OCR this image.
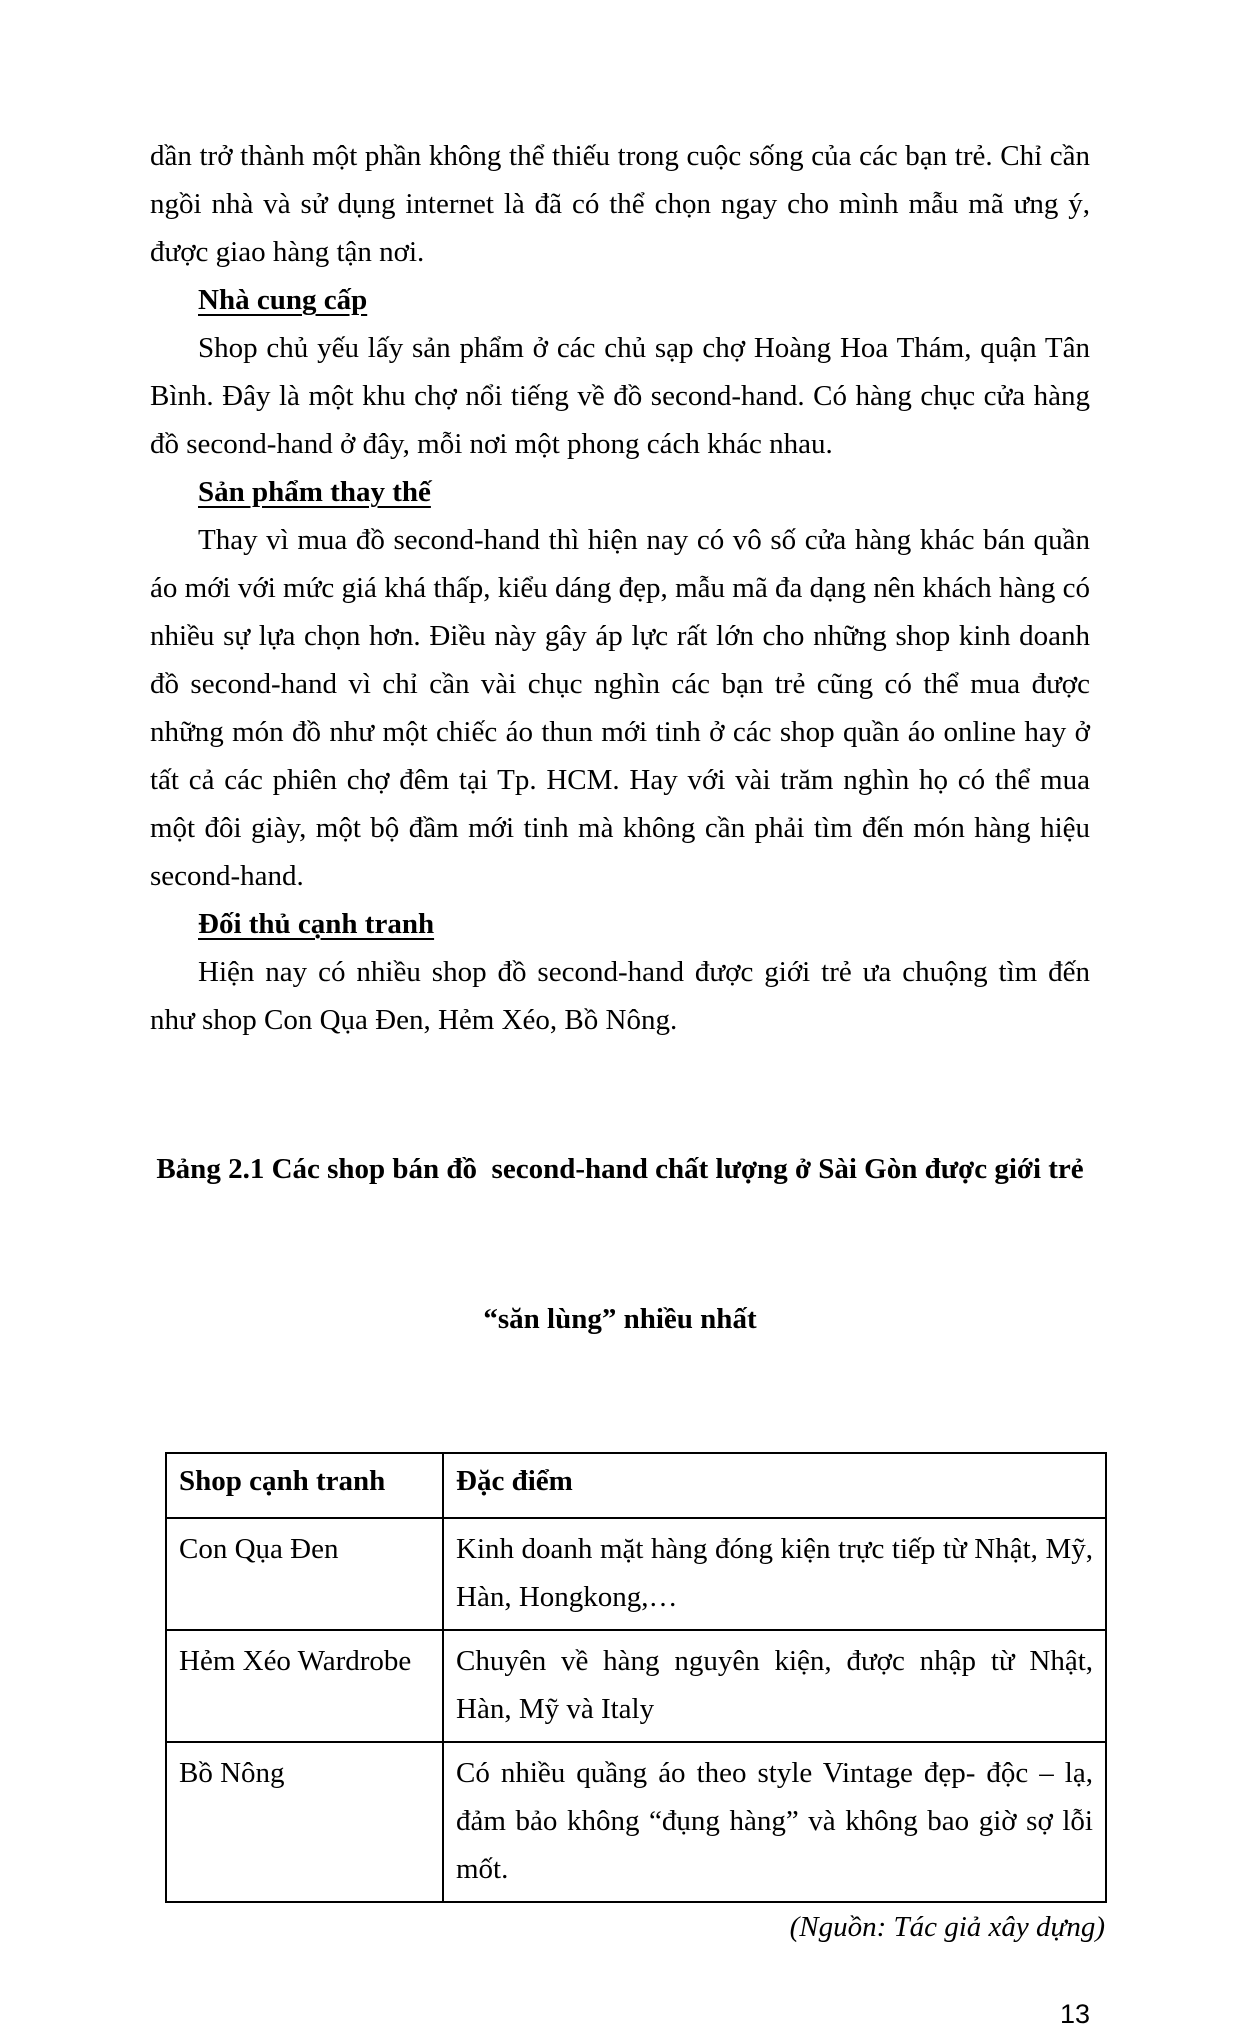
dần trở thành một phần không thể thiếu trong cuộc sống của các bạn trẻ. Chỉ cần ngồi nhà và sử dụng internet là đã có thể chọn ngay cho mình mẫu mã ưng ý, được giao hàng tận nơi.

Nhà cung cấp

Shop chủ yếu lấy sản phẩm ở các chủ sạp chợ Hoàng Hoa Thám, quận Tân Bình. Đây là một khu chợ nổi tiếng về đồ second-hand. Có hàng chục cửa hàng đồ second-hand ở đây, mỗi nơi một phong cách khác nhau.

Sản phẩm thay thế

Thay vì mua đồ second-hand thì hiện nay có vô số cửa hàng khác bán quần áo mới với mức giá khá thấp, kiểu dáng đẹp, mẫu mã đa dạng nên khách hàng có nhiều sự lựa chọn hơn. Điều này gây áp lực rất lớn cho những shop kinh doanh đồ second-hand vì chỉ cần vài chục nghìn các bạn trẻ cũng có thể mua được những món đồ như một chiếc áo thun mới tinh ở các shop quần áo online hay ở tất cả các phiên chợ đêm tại Tp. HCM. Hay với vài trăm nghìn họ có thể mua một đôi giày, một bộ đầm mới tinh mà không cần phải tìm đến món hàng hiệu second-hand.

Đối thủ cạnh tranh

Hiện nay có nhiều shop đồ second-hand được giới trẻ ưa chuộng tìm đến như shop Con Qụa Đen, Hẻm Xéo, Bồ Nông.

Bảng 2.1 Các shop bán đồ  second-hand chất lượng ở Sài Gòn được giới trẻ

“săn lùng” nhiều nhất

Shop cạnh tranh	Đặc điểm
Con Qụa Đen	Kinh doanh mặt hàng đóng kiện trực tiếp từ Nhật, Mỹ, Hàn, Hongkong,…
Hẻm Xéo Wardrobe	Chuyên về hàng nguyên kiện, được nhập từ Nhật, Hàn, Mỹ và Italy
Bồ Nông	Có nhiều quầng áo theo style Vintage đẹp- độc – lạ, đảm bảo không “đụng hàng” và không bao giờ sợ lỗi mốt.
(Nguồn: Tác giả xây dựng)
13
